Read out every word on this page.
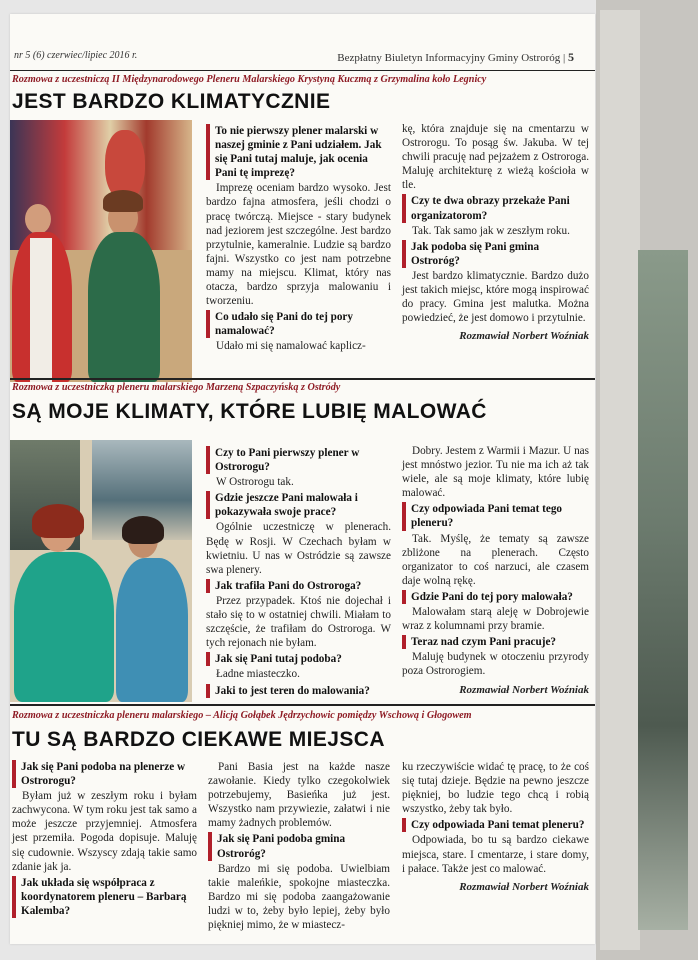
nr 5 (6) czerwiec/lipiec 2016 r.	Bezpłatny Biuletyn Informacyjny Gminy Ostroróg | 5
Rozmowa z uczestniczą II Międzynarodowego Pleneru Malarskiego Krystyną Kuczmą z Grzymalina koło Legnicy
JEST BARDZO KLIMATYCZNIE
To nie pierwszy plener malarski w naszej gminie z Pani udziałem. Jak się Pani tutaj maluje, jak ocenia Pani tę imprezę?
Imprezę oceniam bardzo wysoko. Jest bardzo fajna atmosfera, jeśli chodzi o pracę twórczą. Miejsce - stary budynek nad jeziorem jest szczególne. Jest bardzo przytulnie, kameralnie. Ludzie są bardzo fajni. Wszystko co jest nam potrzebne mamy na miejscu. Klimat, który nas otacza, bardzo sprzyja malowaniu i tworzeniu.
Co udało się Pani do tej pory namalować?
Udało mi się namalować kaplicz-
kę, która znajduje się na cmentarzu w Ostrorogu. To posąg św. Jakuba. W tej chwili pracuję nad pejzażem z Ostroroga. Maluję architekturę z wieżą kościoła w tle.
Czy te dwa obrazy przekaże Pani organizatorom?
Tak. Tak samo jak w zeszłym roku.
Jak podoba się Pani gmina Ostroróg?
Jest bardzo klimatycznie. Bardzo dużo jest takich miejsc, które mogą inspirować do pracy. Gmina jest malutka. Można powiedzieć, że jest domowo i przytulnie.
Rozmawiał Norbert Woźniak
Rozmowa z uczestniczką pleneru malarskiego Marzeną Szpaczyńską z Ostródy
SĄ MOJE KLIMATY, KTÓRE LUBIĘ MALOWAĆ
Czy to Pani pierwszy plener w Ostrorogu?
W Ostrorogu tak.
Gdzie jeszcze Pani malowała i pokazywała swoje prace?
Ogólnie uczestniczę w plenerach. Będę w Rosji. W Czechach byłam w kwietniu. U nas w Ostródzie są zawsze swa plenery.
Jak trafiła Pani do Ostroroga?
Przez przypadek. Ktoś nie dojechał i stało się to w ostatniej chwili. Miałam to szczęście, że trafiłam do Ostroroga. W tych rejonach nie byłam.
Jak się Pani tutaj podoba?
Ładne miasteczko.
Jaki to jest teren do malowania?
Dobry. Jestem z Warmii i Mazur. U nas jest mnóstwo jezior. Tu nie ma ich aż tak wiele, ale są moje klimaty, które lubię malować.
Czy odpowiada Pani temat tego pleneru?
Tak. Myślę, że tematy są zawsze zbliżone na plenerach. Często organizator to coś narzuci, ale czasem daje wolną rękę.
Gdzie Pani do tej pory malowała?
Malowałam starą aleję w Dobrojewie wraz z kolumnami przy bramie.
Teraz nad czym Pani pracuje?
Maluję budynek w otoczeniu przyrody poza Ostrorogiem.
Rozmawiał Norbert Woźniak
Rozmowa z uczestniczka pleneru malarskiego – Alicją Gołąbek Jędrzychowic pomiędzy Wschową i Głogowem
TU SĄ BARDZO CIEKAWE MIEJSCA
Jak się Pani podoba na plenerze w Ostrorogu?
Byłam już w zeszłym roku i byłam zachwycona. W tym roku jest tak samo a może jeszcze przyjemniej. Atmosfera jest przemiła. Pogoda dopisuje. Maluję się cudownie. Wszyscy zdają takie samo zdanie jak ja.
Jak układa się współpraca z koordynatorem pleneru – Barbarą Kalemba?
Pani Basia jest na każde nasze zawołanie. Kiedy tylko czegokolwiek potrzebujemy, Basieńka już jest. Wszystko nam przywiezie, załatwi i nie mamy żadnych problemów.
Jak się Pani podoba gmina Ostroróg?
Bardzo mi się podoba. Uwielbiam takie maleńkie, spokojne miasteczka. Bardzo mi się podoba zaangażowanie ludzi w to, żeby było lepiej, żeby było piękniej mimo, że w miastecz-
ku rzeczywiście widać tę pracę, to że coś się tutaj dzieje. Będzie na pewno jeszcze piękniej, bo ludzie tego chcą i robią wszystko, żeby tak było.
Czy odpowiada Pani temat pleneru?
Odpowiada, bo tu są bardzo ciekawe miejsca, stare. I cmentarze, i stare domy, i pałace. Także jest co malować.
Rozmawiał Norbert Woźniak
